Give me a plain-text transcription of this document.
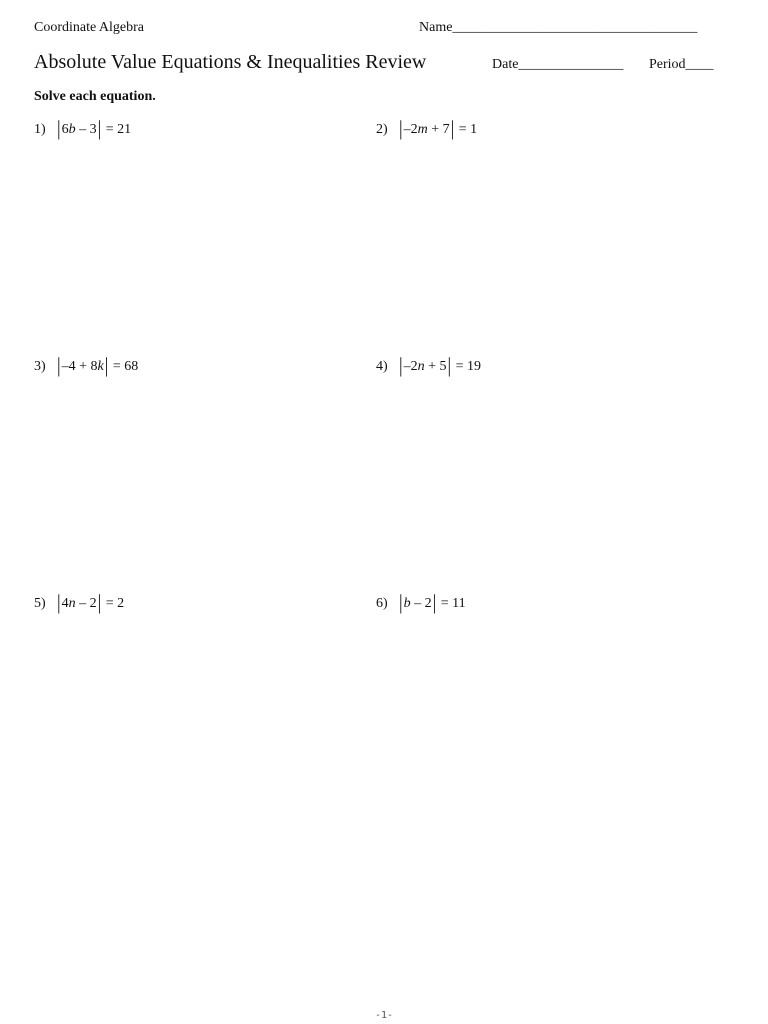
Coordinate Algebra	Name___________________________________
Absolute Value Equations & Inequalities Review	Date_______________ Period____
Solve each equation.
1) |6b – 3| = 21	2) |–2m + 7| = 1
3) |–4 + 8k| = 68	4) |–2n + 5| = 19
5) |4n – 2| = 2	6) |b – 2| = 11
-1-
